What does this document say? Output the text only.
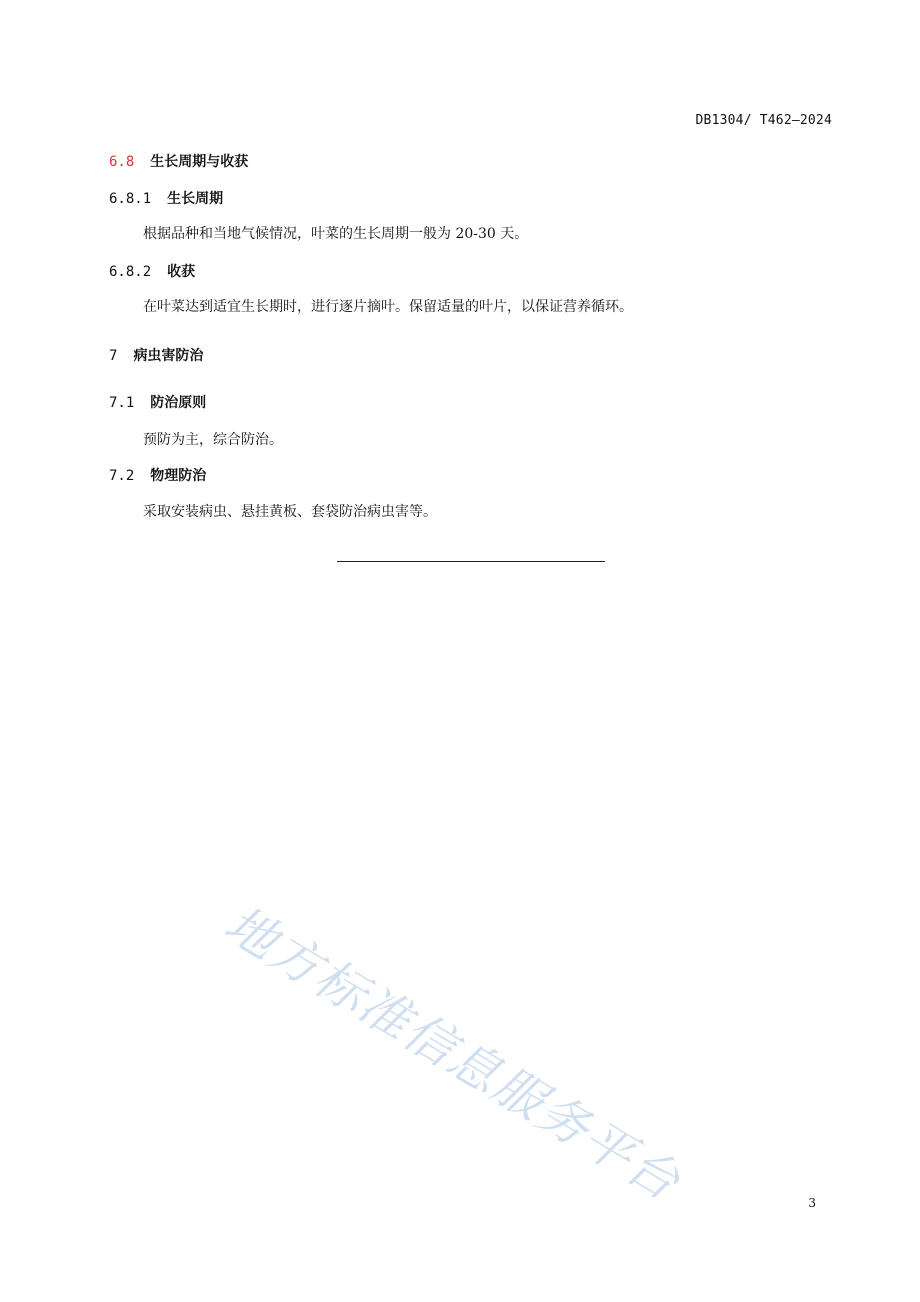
DB1304/ T462—2024
6.8 生长周期与收获
6.8.1 生长周期
根据品种和当地气候情况，叶菜的生长周期一般为 20-30 天。
6.8.2 收获
在叶菜达到适宜生长期时，进行逐片摘叶。保留适量的叶片，以保证营养循环。
7 病虫害防治
7.1 防治原则
预防为主，综合防治。
7.2 物理防治
采取安装病虫、悬挂黄板、套袋防治病虫害等。
地方标准信息服务平台	3
